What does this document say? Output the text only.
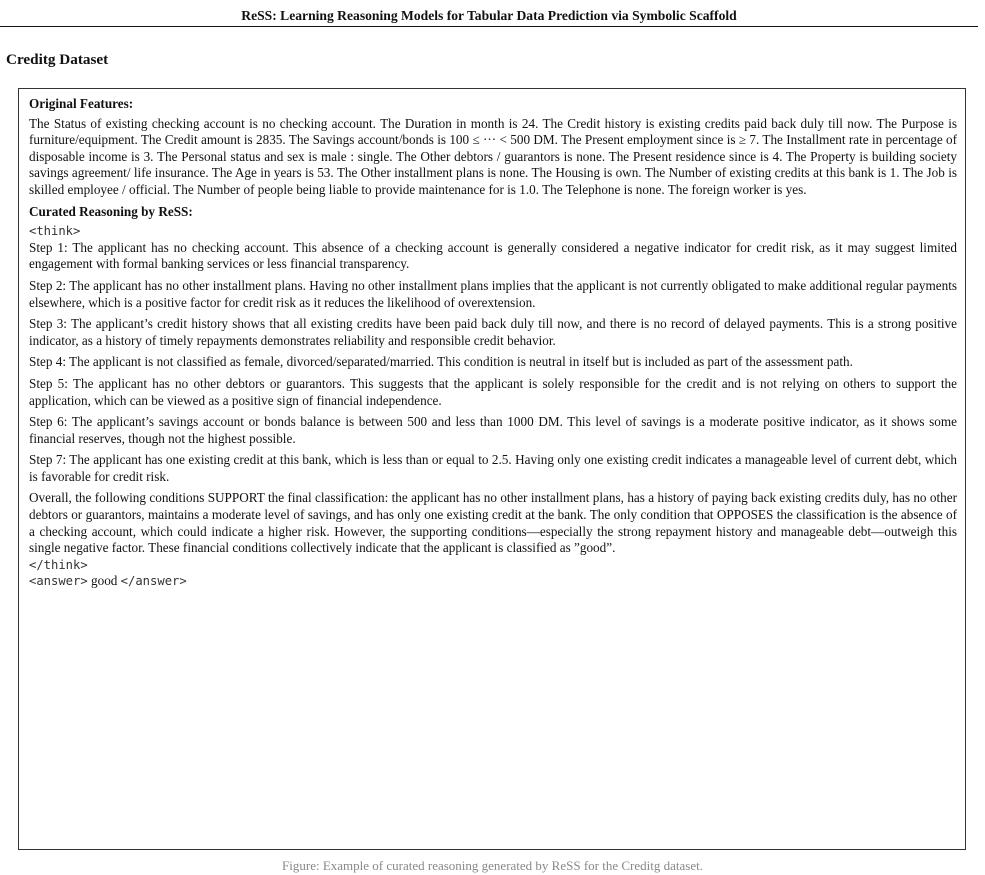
ReSS: Learning Reasoning Models for Tabular Data Prediction via Symbolic Scaffold
Creditg Dataset

Original Features:

The Status of existing checking account is no checking account. The Duration in month is 24. The Credit history is existing credits paid back duly till now. The Purpose is furniture/equipment. The Credit amount is 2835. The Savings account/bonds is 100 ≤ ··· < 500 DM. The Present employment since is ≥ 7. The Installment rate in percentage of disposable income is 3. The Personal status and sex is male : single. The Other debtors / guarantors is none. The Present residence since is 4. The Property is building society savings agreement/ life insurance. The Age in years is 53. The Other installment plans is none. The Housing is own. The Number of existing credits at this bank is 1. The Job is skilled employee / official. The Number of people being liable to provide maintenance for is 1.0. The Telephone is none. The foreign worker is yes.

Curated Reasoning by ReSS:

<think>

Step 1: The applicant has no checking account. This absence of a checking account is generally considered a negative indicator for credit risk, as it may suggest limited engagement with formal banking services or less financial transparency.

Step 2: The applicant has no other installment plans. Having no other installment plans implies that the applicant is not currently obligated to make additional regular payments elsewhere, which is a positive factor for credit risk as it reduces the likelihood of overextension.

Step 3: The applicant’s credit history shows that all existing credits have been paid back duly till now, and there is no record of delayed payments. This is a strong positive indicator, as a history of timely repayments demonstrates reliability and responsible credit behavior.

Step 4: The applicant is not classified as female, divorced/separated/married. This condition is neutral in itself but is included as part of the assessment path.

Step 5: The applicant has no other debtors or guarantors. This suggests that the applicant is solely responsible for the credit and is not relying on others to support the application, which can be viewed as a positive sign of financial independence.

Step 6: The applicant’s savings account or bonds balance is between 500 and less than 1000 DM. This level of savings is a moderate positive indicator, as it shows some financial reserves, though not the highest possible.

Step 7: The applicant has one existing credit at this bank, which is less than or equal to 2.5. Having only one existing credit indicates a manageable level of current debt, which is favorable for credit risk.

Overall, the following conditions SUPPORT the final classification: the applicant has no other installment plans, has a history of paying back existing credits duly, has no other debtors or guarantors, maintains a moderate level of savings, and has only one existing credit at the bank. The only condition that OPPOSES the classification is the absence of a checking account, which could indicate a higher risk. However, the supporting conditions—especially the strong repayment history and manageable debt—outweigh this single negative factor. These financial conditions collectively indicate that the applicant is classified as ”good”.

</think>

<answer> good </answer>

Figure: Example of curated reasoning generated by ReSS for the Creditg dataset.
